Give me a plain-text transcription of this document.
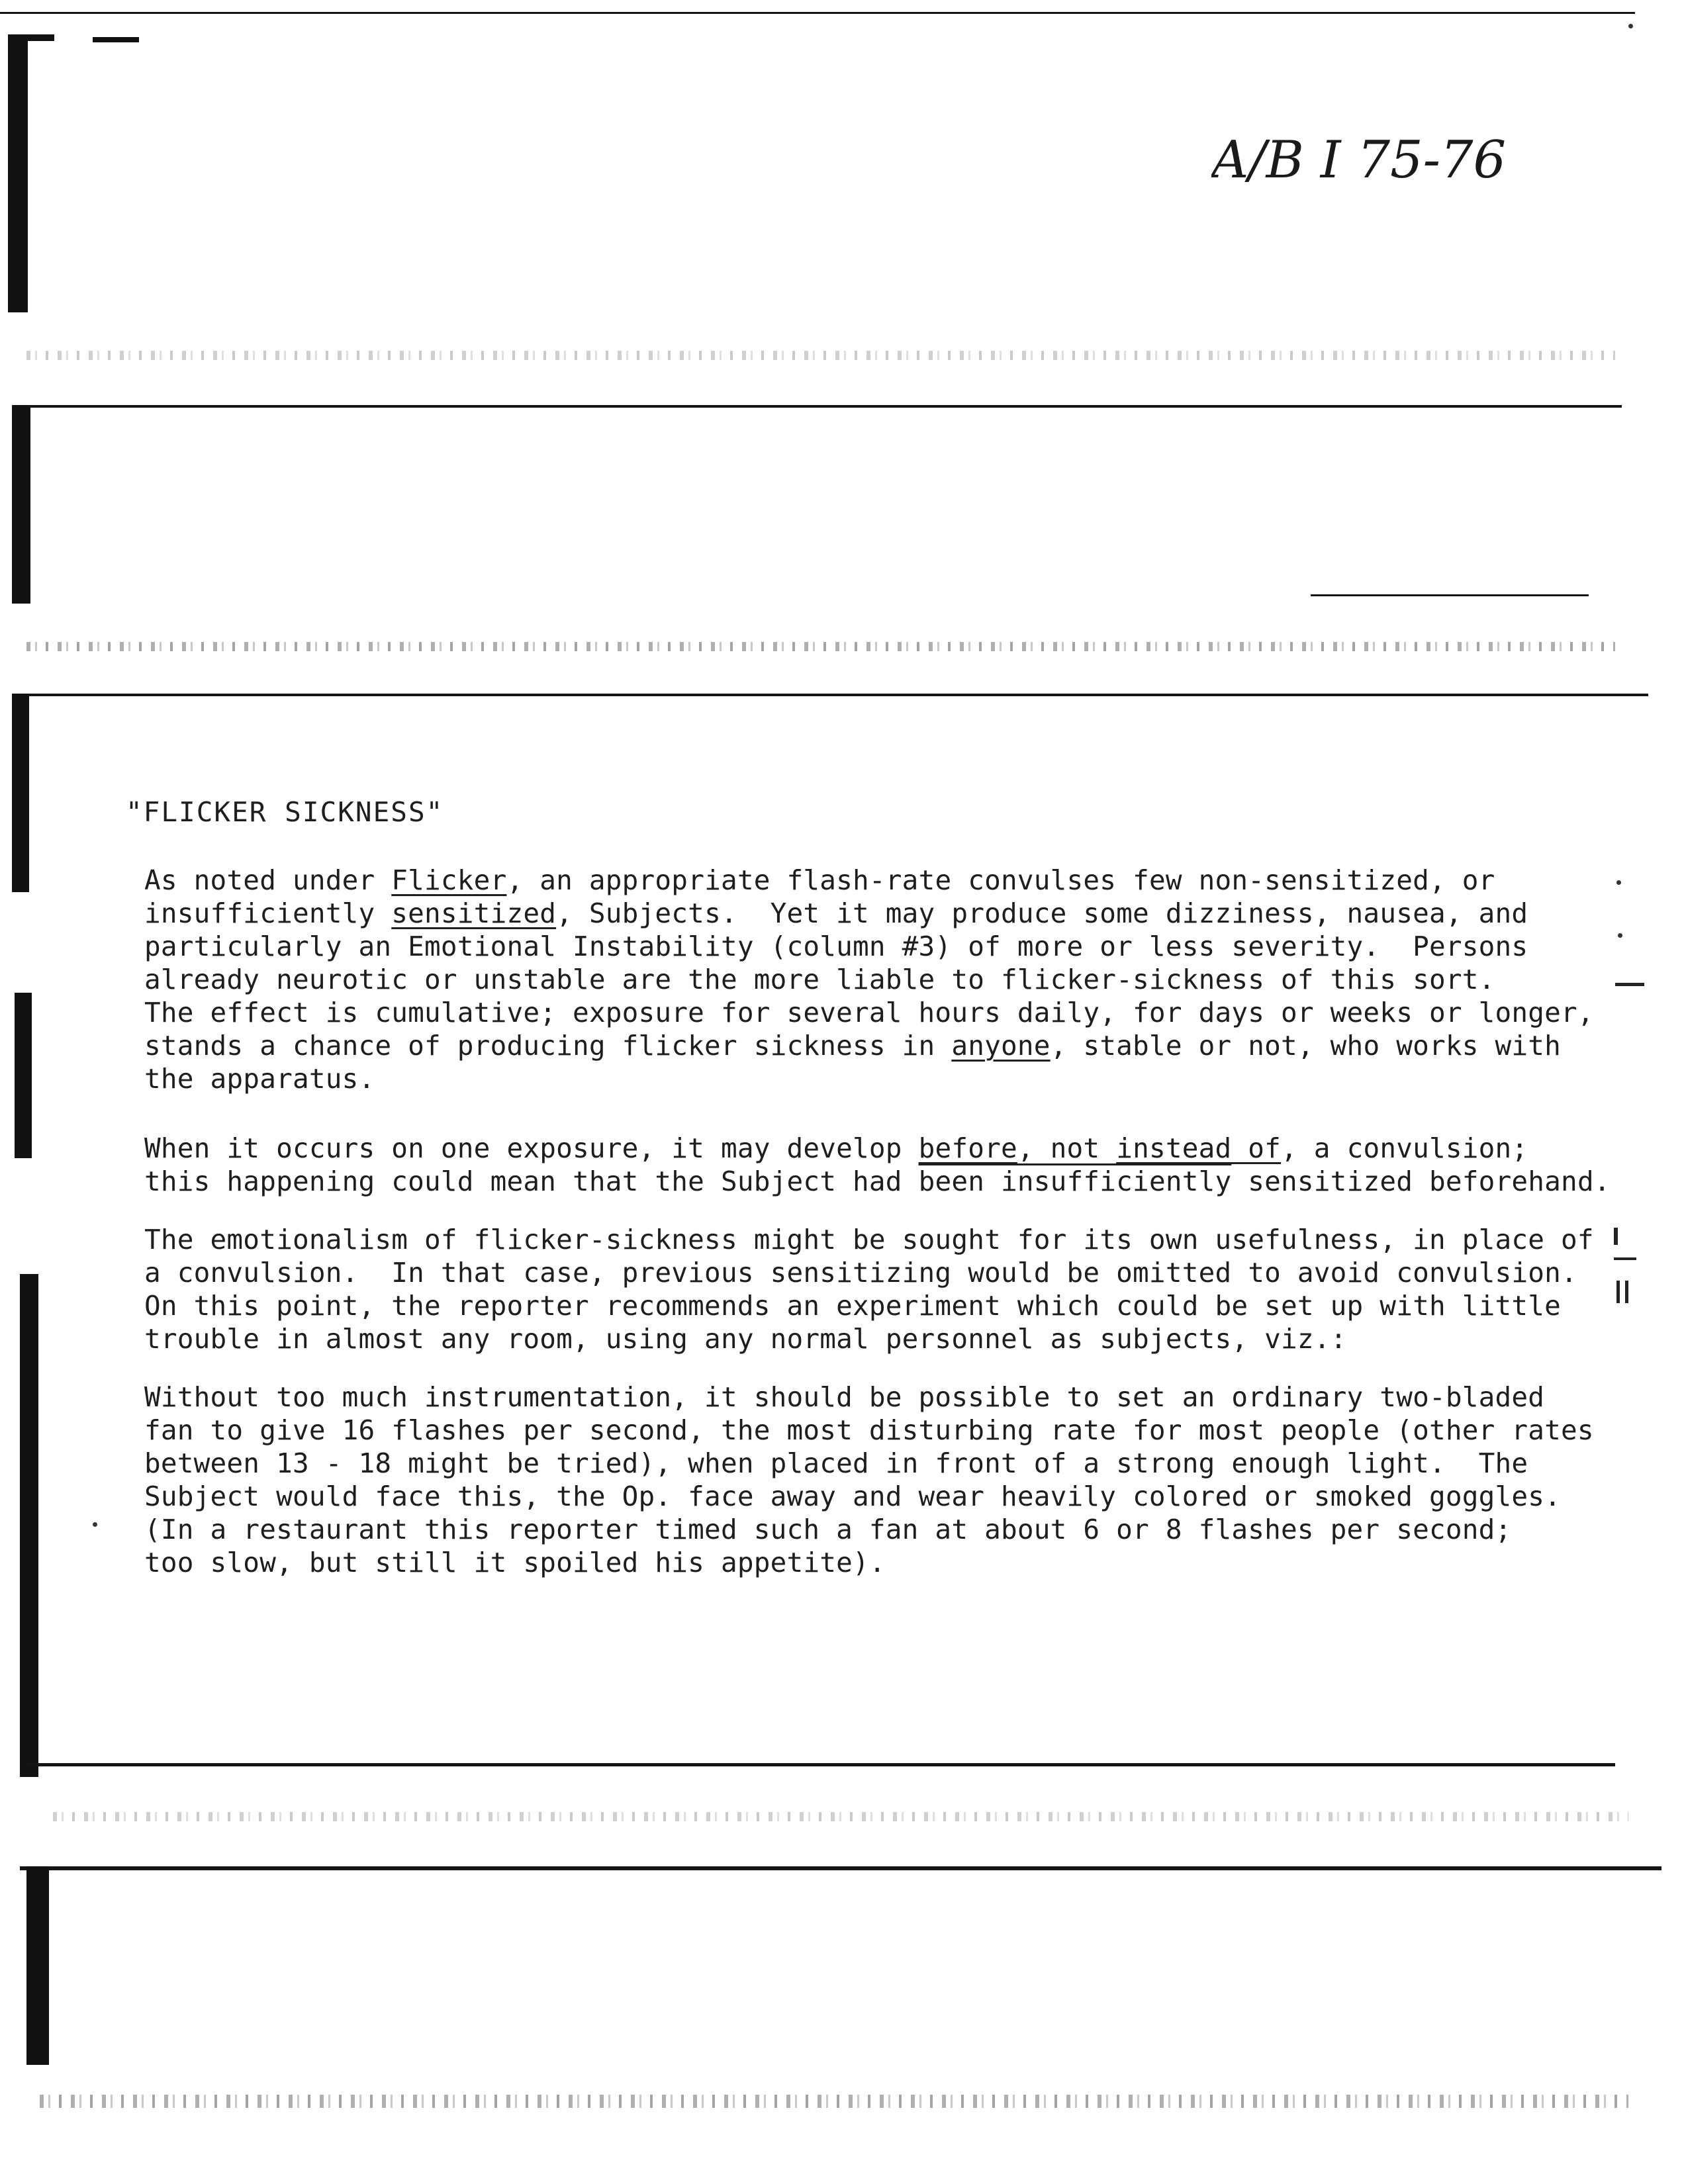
A/B I 75-76
"FLICKER SICKNESS"
As noted under Flicker, an appropriate flash-rate convulses few non-sensitized, or
insufficiently sensitized, Subjects.  Yet it may produce some dizziness, nausea, and
particularly an Emotional Instability (column #3) of more or less severity.  Persons
already neurotic or unstable are the more liable to flicker-sickness of this sort.
The effect is cumulative; exposure for several hours daily, for days or weeks or longer,
stands a chance of producing flicker sickness in anyone, stable or not, who works with
the apparatus.
When it occurs on one exposure, it may develop before, not instead of, a convulsion;
this happening could mean that the Subject had been insufficiently sensitized beforehand.
The emotionalism of flicker-sickness might be sought for its own usefulness, in place of
a convulsion.  In that case, previous sensitizing would be omitted to avoid convulsion.
On this point, the reporter recommends an experiment which could be set up with little
trouble in almost any room, using any normal personnel as subjects, viz.:
Without too much instrumentation, it should be possible to set an ordinary two-bladed
fan to give 16 flashes per second, the most disturbing rate for most people (other rates
between 13 - 18 might be tried), when placed in front of a strong enough light.  The
Subject would face this, the Op. face away and wear heavily colored or smoked goggles.
(In a restaurant this reporter timed such a fan at about 6 or 8 flashes per second;
too slow, but still it spoiled his appetite).
